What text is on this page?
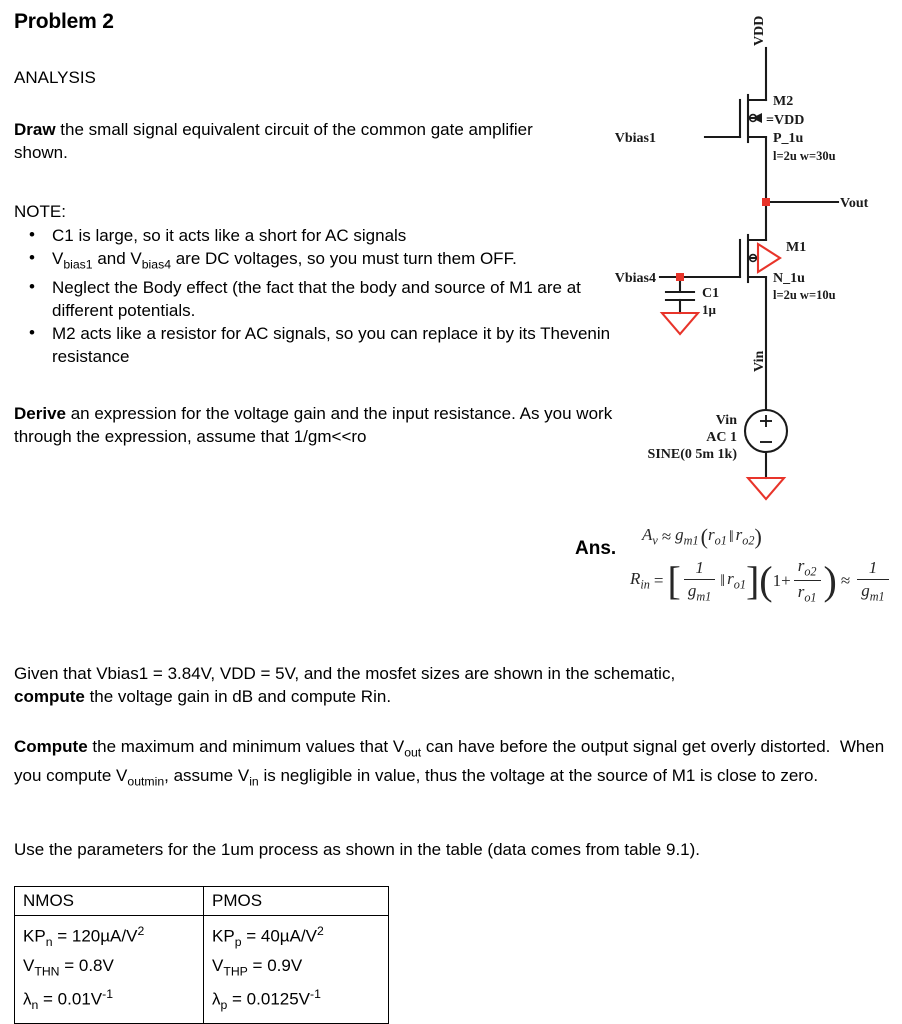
Problem 2
ANALYSIS
Draw the small signal equivalent circuit of the common gate amplifier shown.
NOTE:
• C1 is large, so it acts like a short for AC signals
• $V_{bias1}$ and $V_{bias4}$ are DC voltages, so you must turn them OFF.
• Neglect the Body effect (the fact that the body and source of M1 are at different potentials.
• M2 acts like a resistor for AC signals, so you can replace it by its Thevenin resistance
Derive an expression for the voltage gain and the input resistance. As you work through the expression, assume that 1/gm<<ro
VDD
Vout
Vin
Vbias1
Vbias4
M2
=VDD
P_1u
l=2u w=30u
M1
N_1u
l=2u w=10u
C1
1µ
Vin
AC 1
SINE(0 5m 1k)
Ans.
$A_v \approx g_{m1}$ ( $r_{o1}$ ‖ $r_{o2}$ )
$R_{in}$ = [ $\frac{1}{g_{m1}}$ ‖ $r_{o1}$ ] ( $1+ \frac{r_{o2}}{r_{o1}}$ ) ≈ $\frac{1}{g_{m1}}$
Given that Vbias1 = 3.84V, VDD = 5V, and the mosfet sizes are shown in the schematic,
compute the voltage gain in dB and compute Rin.
Compute the maximum and minimum values that $V_{out}$ can have before the output signal get overly distorted.  When you compute $V_{outmin}$, assume $V_{in}$ is negligible in value, thus the voltage at the source of M1 is close to zero.
Use the parameters for the 1um process as shown in the table (data comes from table 9.1).
NMOS	PMOS

$KP_n = 120\mu A/V^2$
$V_{THN} = 0.8V$
$\lambda_n = 0.01V^{-1}$

$KP_p = 40\mu A/V^2$
$V_{THP} = 0.9V$
$\lambda_p = 0.0125V^{-1}$
